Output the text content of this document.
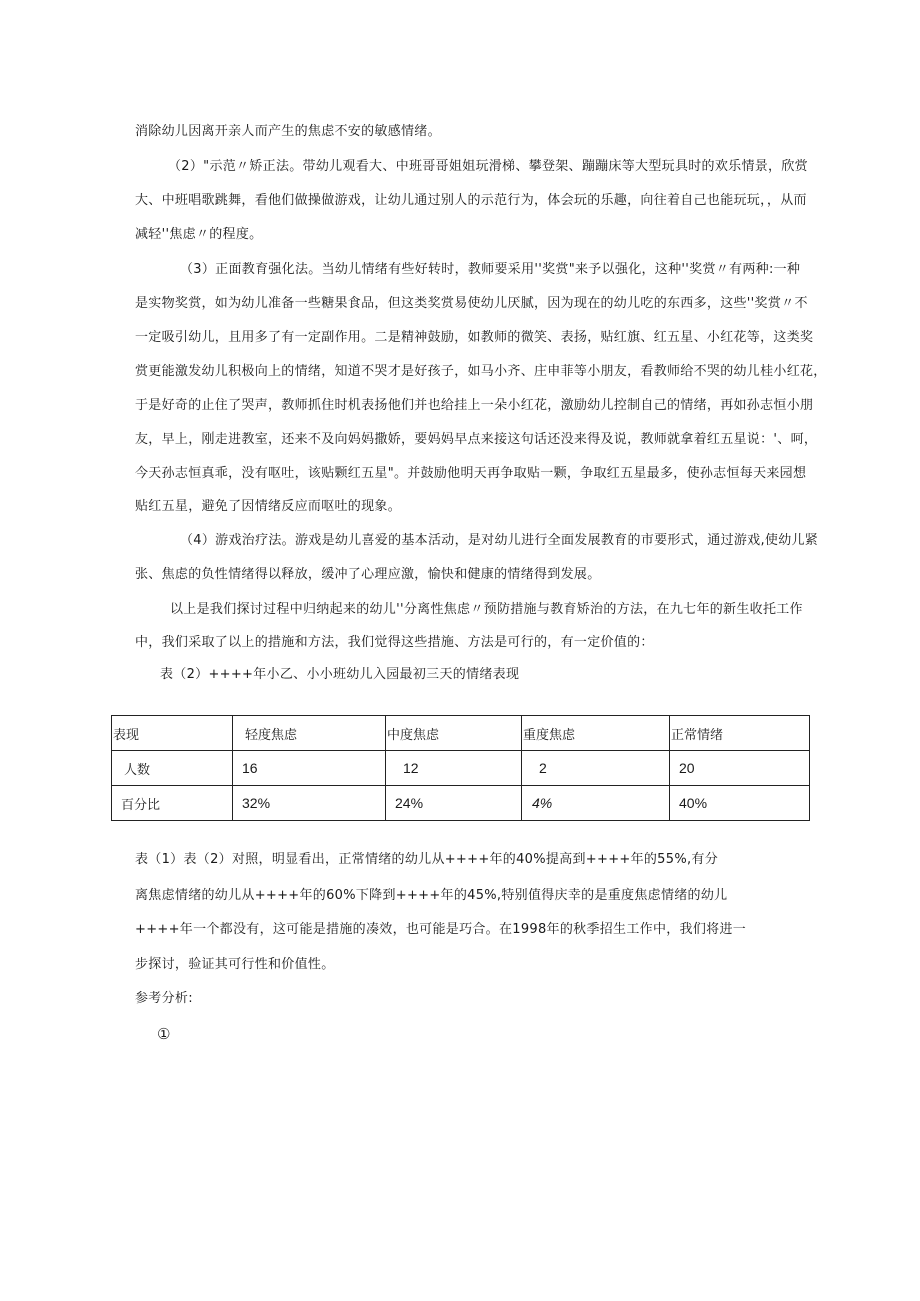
消除幼儿因离开亲人而产生的焦虑不安的敏感情绪。
（2）"示范〃矫正法。带幼儿观看大、中班哥哥姐姐玩滑梯、攀登架、蹦蹦床等大型玩具时的欢乐情景，欣赏
大、中班唱歌跳舞，看他们做操做游戏，让幼儿通过别人的示范行为，体会玩的乐趣，向往着自己也能玩玩，，从而
减轻''焦虑〃的程度。
（3）正面教育强化法。当幼儿情绪有些好转时，教师要采用''奖赏"来予以强化，这种''奖赏〃有两种:一种
是实物奖赏，如为幼儿准备一些糖果食品，但这类奖赏易使幼儿厌腻，因为现在的幼儿吃的东西多，这些''奖赏〃不
一定吸引幼儿，且用多了有一定副作用。二是精神鼓励，如教师的微笑、表扬，贴红旗、红五星、小红花等，这类奖
赏更能激发幼儿积极向上的情绪，知道不哭才是好孩子，如马小齐、庄申菲等小朋友，看教师给不哭的幼儿桂小红花，
于是好奇的止住了哭声，教师抓住时机表扬他们并也给挂上一朵小红花，激励幼儿控制自己的情绪，再如孙志恒小朋
友，早上，刚走进教室，还来不及向妈妈撒娇，要妈妈早点来接这句话还没来得及说，教师就拿着红五星说：'、呵，
今天孙志恒真乖，没有呕吐，该贴颗红五星"。并鼓励他明天再争取贴一颗，争取红五星最多，使孙志恒每天来园想
贴红五星，避免了因情绪反应而呕吐的现象。
（4）游戏治疗法。游戏是幼儿喜爱的基本活动，是对幼儿进行全面发展教育的市要形式，通过游戏,使幼儿紧
张、焦虑的负性情绪得以释放，缓冲了心理应激，愉快和健康的情绪得到发展。
以上是我们探讨过程中归纳起来的幼儿''分离性焦虑〃预防措施与教育矫治的方法，在九七年的新生收托工作
中，我们采取了以上的措施和方法，我们觉得这些措施、方法是可行的，有一定价值的：
表（2）++++年小乙、小小班幼儿入园最初三天的情绪表现
表现	轻度焦虑	中度焦虑	重度焦虑	正常情绪
人数	16	12	2	20
百分比	32%	24%	4%	40%
表（1）表（2）对照，明显看出，正常情绪的幼儿从++++年的40%提高到++++年的55%,有分
离焦虑情绪的幼儿从++++年的60%下降到++++年的45%,特别值得庆幸的是重度焦虑情绪的幼儿
++++年一个都没有，这可能是措施的凑效，也可能是巧合。在1998年的秋季招生工作中，我们将进一
步探讨，验证其可行性和价值性。
参考分析:
①
